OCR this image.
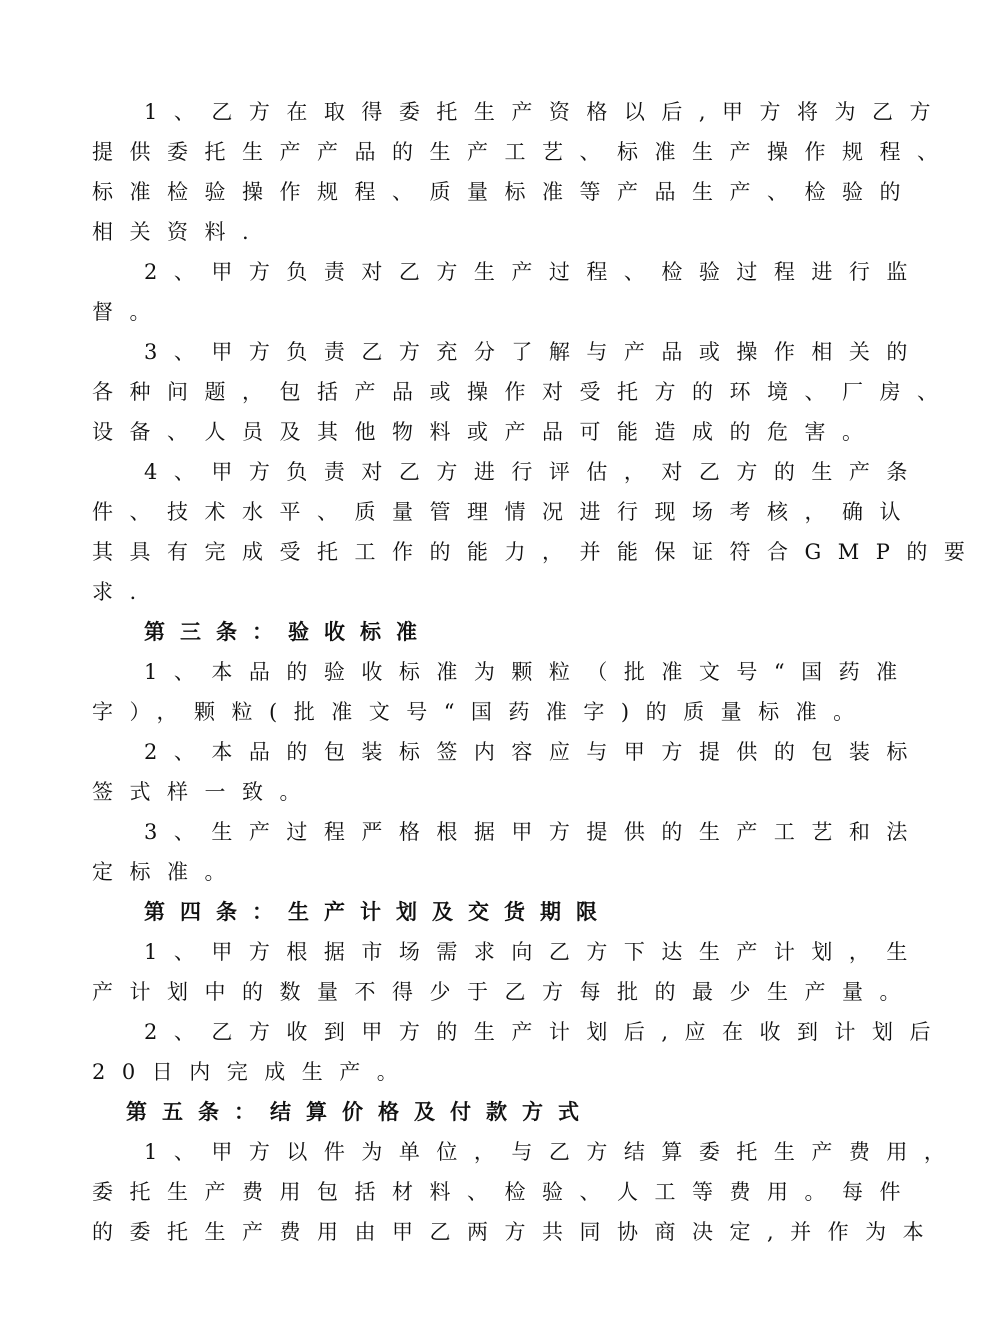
1、乙方在取得委托生产资格以后,甲方将为乙方
提供委托生产产品的生产工艺、标准生产操作规程、
标准检验操作规程、质量标准等产品生产、检验的
相关资料.
2、甲方负责对乙方生产过程、检验过程进行监
督。
3、甲方负责乙方充分了解与产品或操作相关的
各种问题，包括产品或操作对受托方的环境、厂房、
设备、人员及其他物料或产品可能造成的危害。
4、甲方负责对乙方进行评估，对乙方的生产条
件、技术水平、质量管理情况进行现场考核，确认
其具有完成受托工作的能力，并能保证符合GMP的要
求.
第三条：验收标准
1、本品的验收标准为颗粒（批准文号“国药准
字），颗粒(批准文号“国药准字)的质量标准。
2、本品的包装标签内容应与甲方提供的包装标
签式样一致。
3、生产过程严格根据甲方提供的生产工艺和法
定标准。
第四条：生产计划及交货期限
1、甲方根据市场需求向乙方下达生产计划，生
产计划中的数量不得少于乙方每批的最少生产量。
2、乙方收到甲方的生产计划后,应在收到计划后
20日内完成生产。
第五条：结算价格及付款方式
1、甲方以件为单位，与乙方结算委托生产费用，
委托生产费用包括材料、检验、人工等费用。每件
的委托生产费用由甲乙两方共同协商决定,并作为本
